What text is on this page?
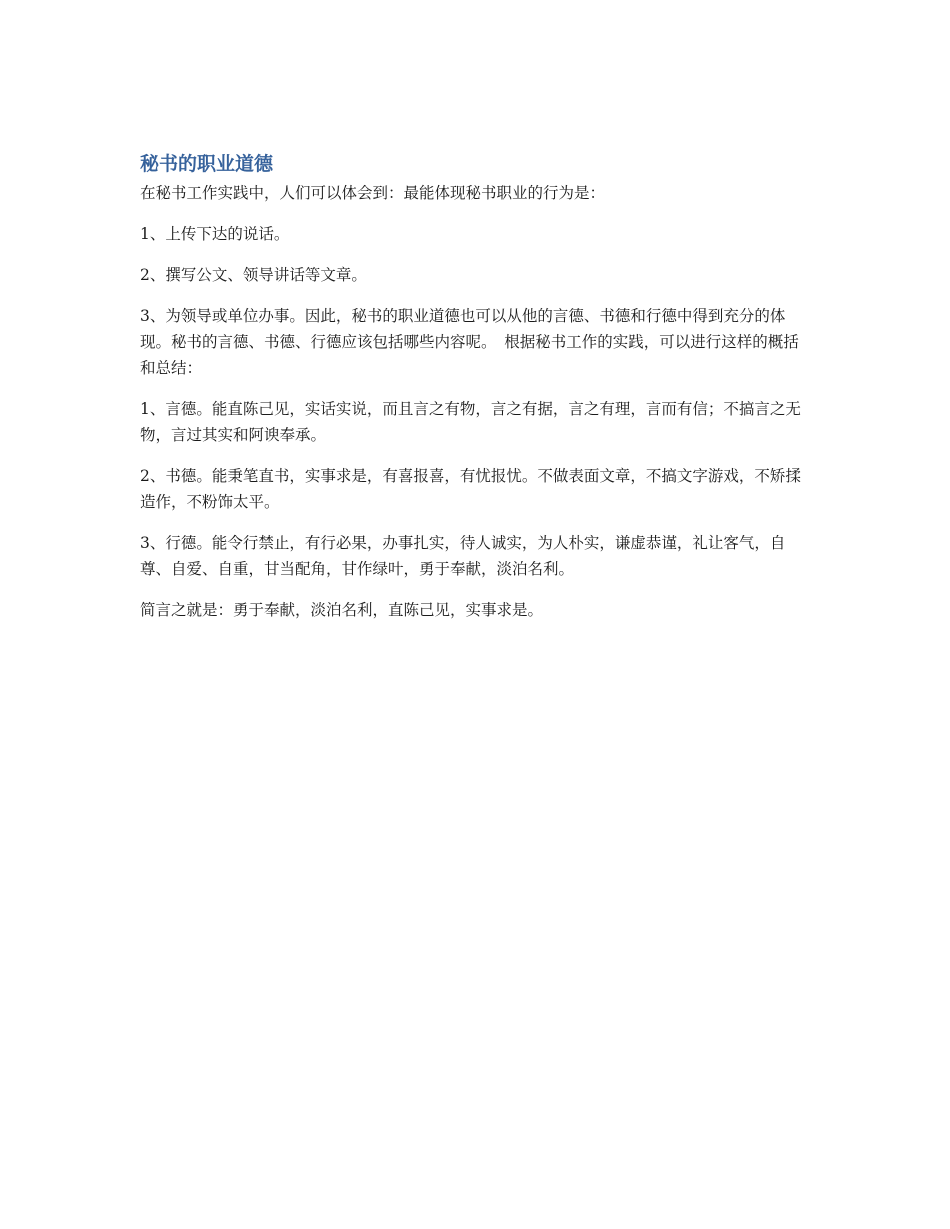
秘书的职业道德

在秘书工作实践中，人们可以体会到：最能体现秘书职业的行为是：

1、上传下达的说话。

2、撰写公文、领导讲话等文章。

3、为领导或单位办事。因此，秘书的职业道德也可以从他的言德、书德和行德中得到充分的体现。秘书的言德、书德、行德应该包括哪些内容呢。　根据秘书工作的实践，可以进行这样的概括和总结：

1、言德。能直陈己见，实话实说，而且言之有物，言之有据，言之有理，言而有信；不搞言之无物，言过其实和阿谀奉承。

2、书德。能秉笔直书，实事求是，有喜报喜，有忧报忧。不做表面文章，不搞文字游戏，不矫揉造作，不粉饰太平。

3、行德。能令行禁止，有行必果，办事扎实，待人诚实，为人朴实，谦虚恭谨，礼让客气，自尊、自爱、自重，甘当配角，甘作绿叶，勇于奉献，淡泊名利。

简言之就是：勇于奉献，淡泊名利，直陈己见，实事求是。
